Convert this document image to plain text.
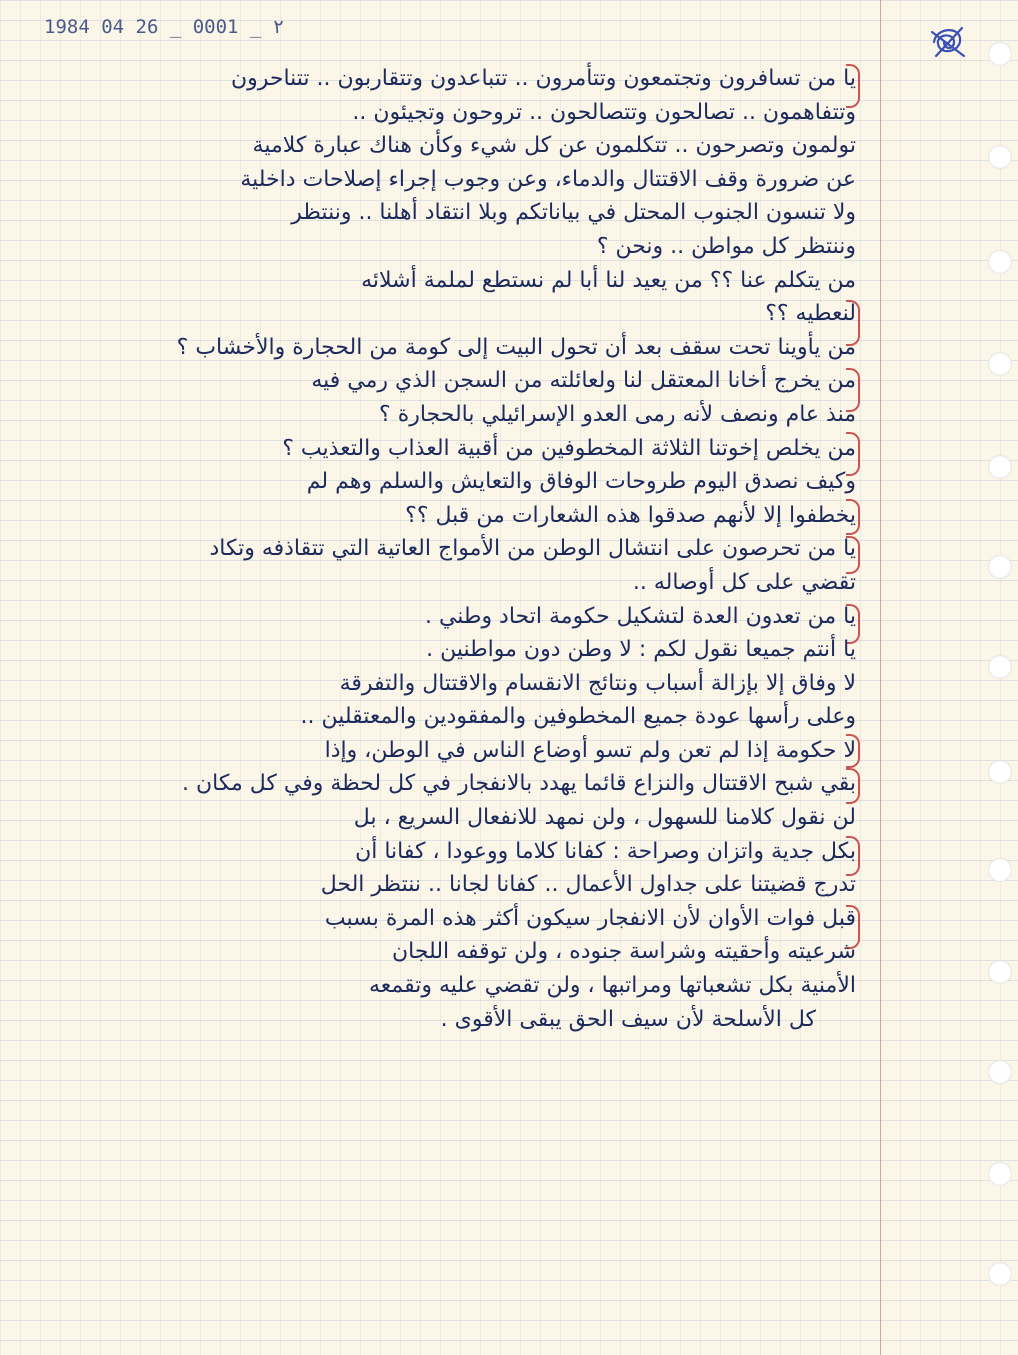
1984 04 26 _ 0001 _ ٢
يا من تسافرون وتجتمعون وتتأمرون .. تتباعدون وتتقاربون .. تتناحرون
وتتفاهمون .. تصالحون وتتصالحون .. تروحون وتجيئون ..
تولمون وتصرحون .. تتكلمون عن كل شيء وكأن هناك عبارة كلامية
عن ضرورة وقف الاقتتال والدماء، وعن وجوب إجراء إصلاحات داخلية
ولا تنسون الجنوب المحتل في بياناتكم وبلا انتقاد أهلنا .. وننتظر
وننتظر كل مواطن .. ونحن ؟
من يتكلم عنا ؟؟ من يعيد لنا أبا لم نستطع لملمة أشلائه
لنعطيه ؟؟
من يأوينا تحت سقف بعد أن تحول البيت إلى كومة من الحجارة والأخشاب ؟
من يخرج أخانا المعتقل لنا ولعائلته من السجن الذي رمي فيه
منذ عام ونصف لأنه رمى العدو الإسرائيلي بالحجارة ؟
من يخلص إخوتنا الثلاثة المخطوفين من أقبية العذاب والتعذيب ؟
وكيف نصدق اليوم طروحات الوفاق والتعايش والسلم وهم لم
يخطفوا إلا لأنهم صدقوا هذه الشعارات من قبل ؟؟
يا من تحرصون على انتشال الوطن من الأمواج العاتية التي تتقاذفه وتكاد
تقضي على كل أوصاله ..
يا من تعدون العدة لتشكيل حكومة اتحاد وطني .
يا أنتم جميعا نقول لكم : لا وطن دون مواطنين .
لا وفاق إلا بإزالة أسباب ونتائج الانقسام والاقتتال والتفرقة
وعلى رأسها عودة جميع المخطوفين والمفقودين والمعتقلين ..
لا حكومة إذا لم تعن ولم تسو أوضاع الناس في الوطن، وإذا
بقي شبح الاقتتال والنزاع قائما يهدد بالانفجار في كل لحظة وفي كل مكان .
لن نقول كلامنا للسهول ، ولن نمهد للانفعال السريع ، بل
بكل جدية واتزان وصراحة : كفانا كلاما ووعودا ، كفانا أن
تدرج قضيتنا على جداول الأعمال .. كفانا لجانا .. ننتظر الحل
قبل فوات الأوان لأن الانفجار سيكون أكثر هذه المرة بسبب
شرعيته وأحقيته وشراسة جنوده ، ولن توقفه اللجان
الأمنية بكل تشعباتها ومراتبها ، ولن تقضي عليه وتقمعه
كل الأسلحة لأن سيف الحق يبقى الأقوى .
